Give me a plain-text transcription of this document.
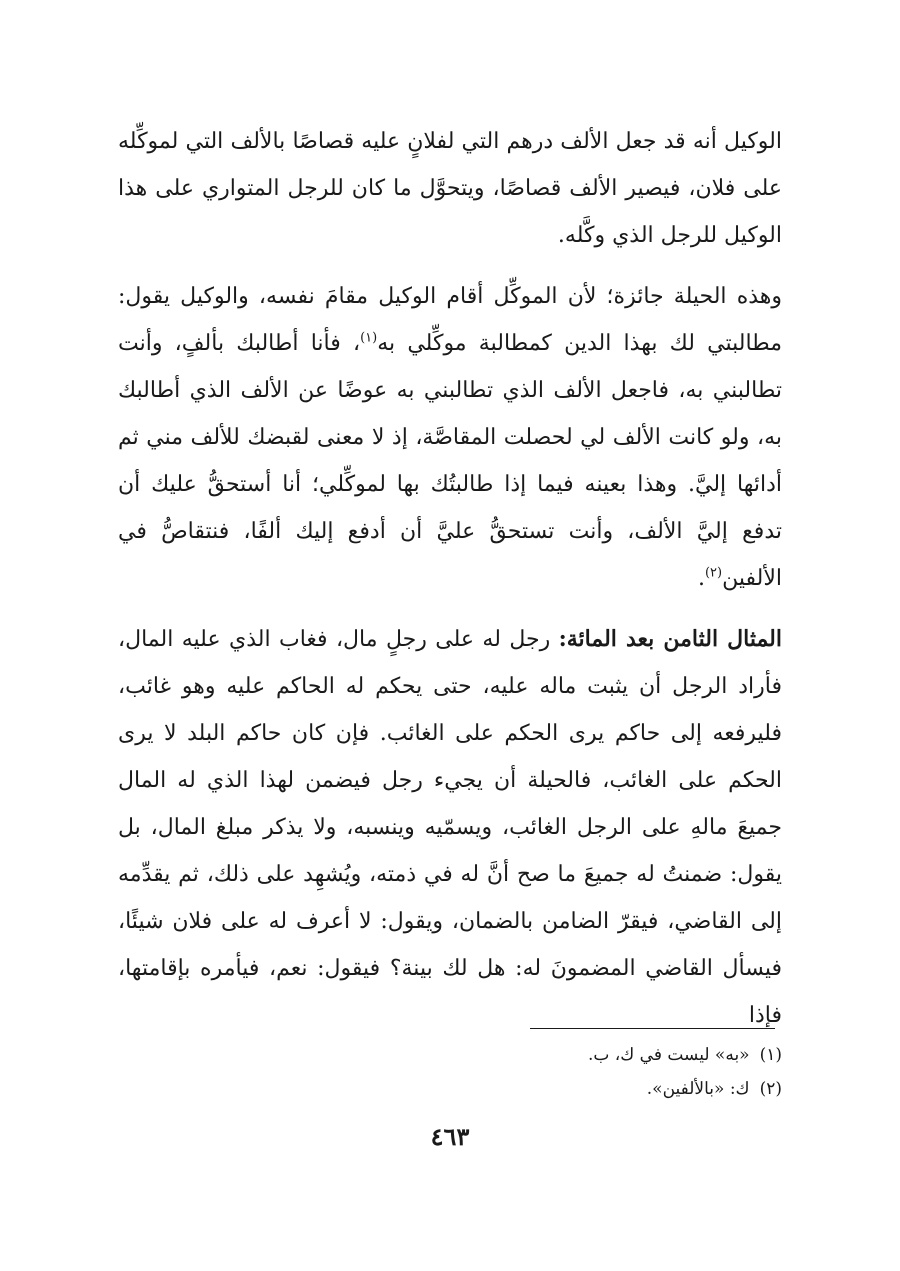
الوكيل أنه قد جعل الألف درهم التي لفلانٍ عليه قصاصًا بالألف التي لموكِّله على فلان، فيصير الألف قصاصًا، ويتحوَّل ما كان للرجل المتواري على هذا الوكيل للرجل الذي وكَّله.

وهذه الحيلة جائزة؛ لأن الموكِّل أقام الوكيل مقامَ نفسه، والوكيل يقول: مطالبتي لك بهذا الدين كمطالبة موكِّلي به$^{(١)}$، فأنا أطالبك بألفٍ، وأنت تطالبني به، فاجعل الألف الذي تطالبني به عوضًا عن الألف الذي أطالبك به، ولو كانت الألف لي لحصلت المقاصَّة، إذ لا معنى لقبضك للألف مني ثم أدائها إليَّ. وهذا بعينه فيما إذا طالبتُك بها لموكِّلي؛ أنا أستحقُّ عليك أن تدفع إليَّ الألف، وأنت تستحقُّ عليَّ أن أدفع إليك ألفًا، فنتقاصُّ في الألفين$^{(٢)}$.

المثال الثامن بعد المائة: رجل له على رجلٍ مال، فغاب الذي عليه المال، فأراد الرجل أن يثبت ماله عليه، حتى يحكم له الحاكم عليه وهو غائب، فليرفعه إلى حاكم يرى الحكم على الغائب. فإن كان حاكم البلد لا يرى الحكم على الغائب، فالحيلة أن يجيء رجل فيضمن لهذا الذي له المال جميعَ مالهِ على الرجل الغائب، ويسمّيه وينسبه، ولا يذكر مبلغ المال، بل يقول: ضمنتُ له جميعَ ما صح أنَّ له في ذمته، ويُشهِد على ذلك، ثم يقدِّمه إلى القاضي، فيقرّ الضامن بالضمان، ويقول: لا أعرف له على فلان شيئًا، فيسأل القاضي المضمونَ له: هل لك بينة؟ فيقول: نعم، فيأمره بإقامتها، فإذا

(١)«به» ليست في ك، ب.

(٢)ك: «بالألفين».

٤٦٣
